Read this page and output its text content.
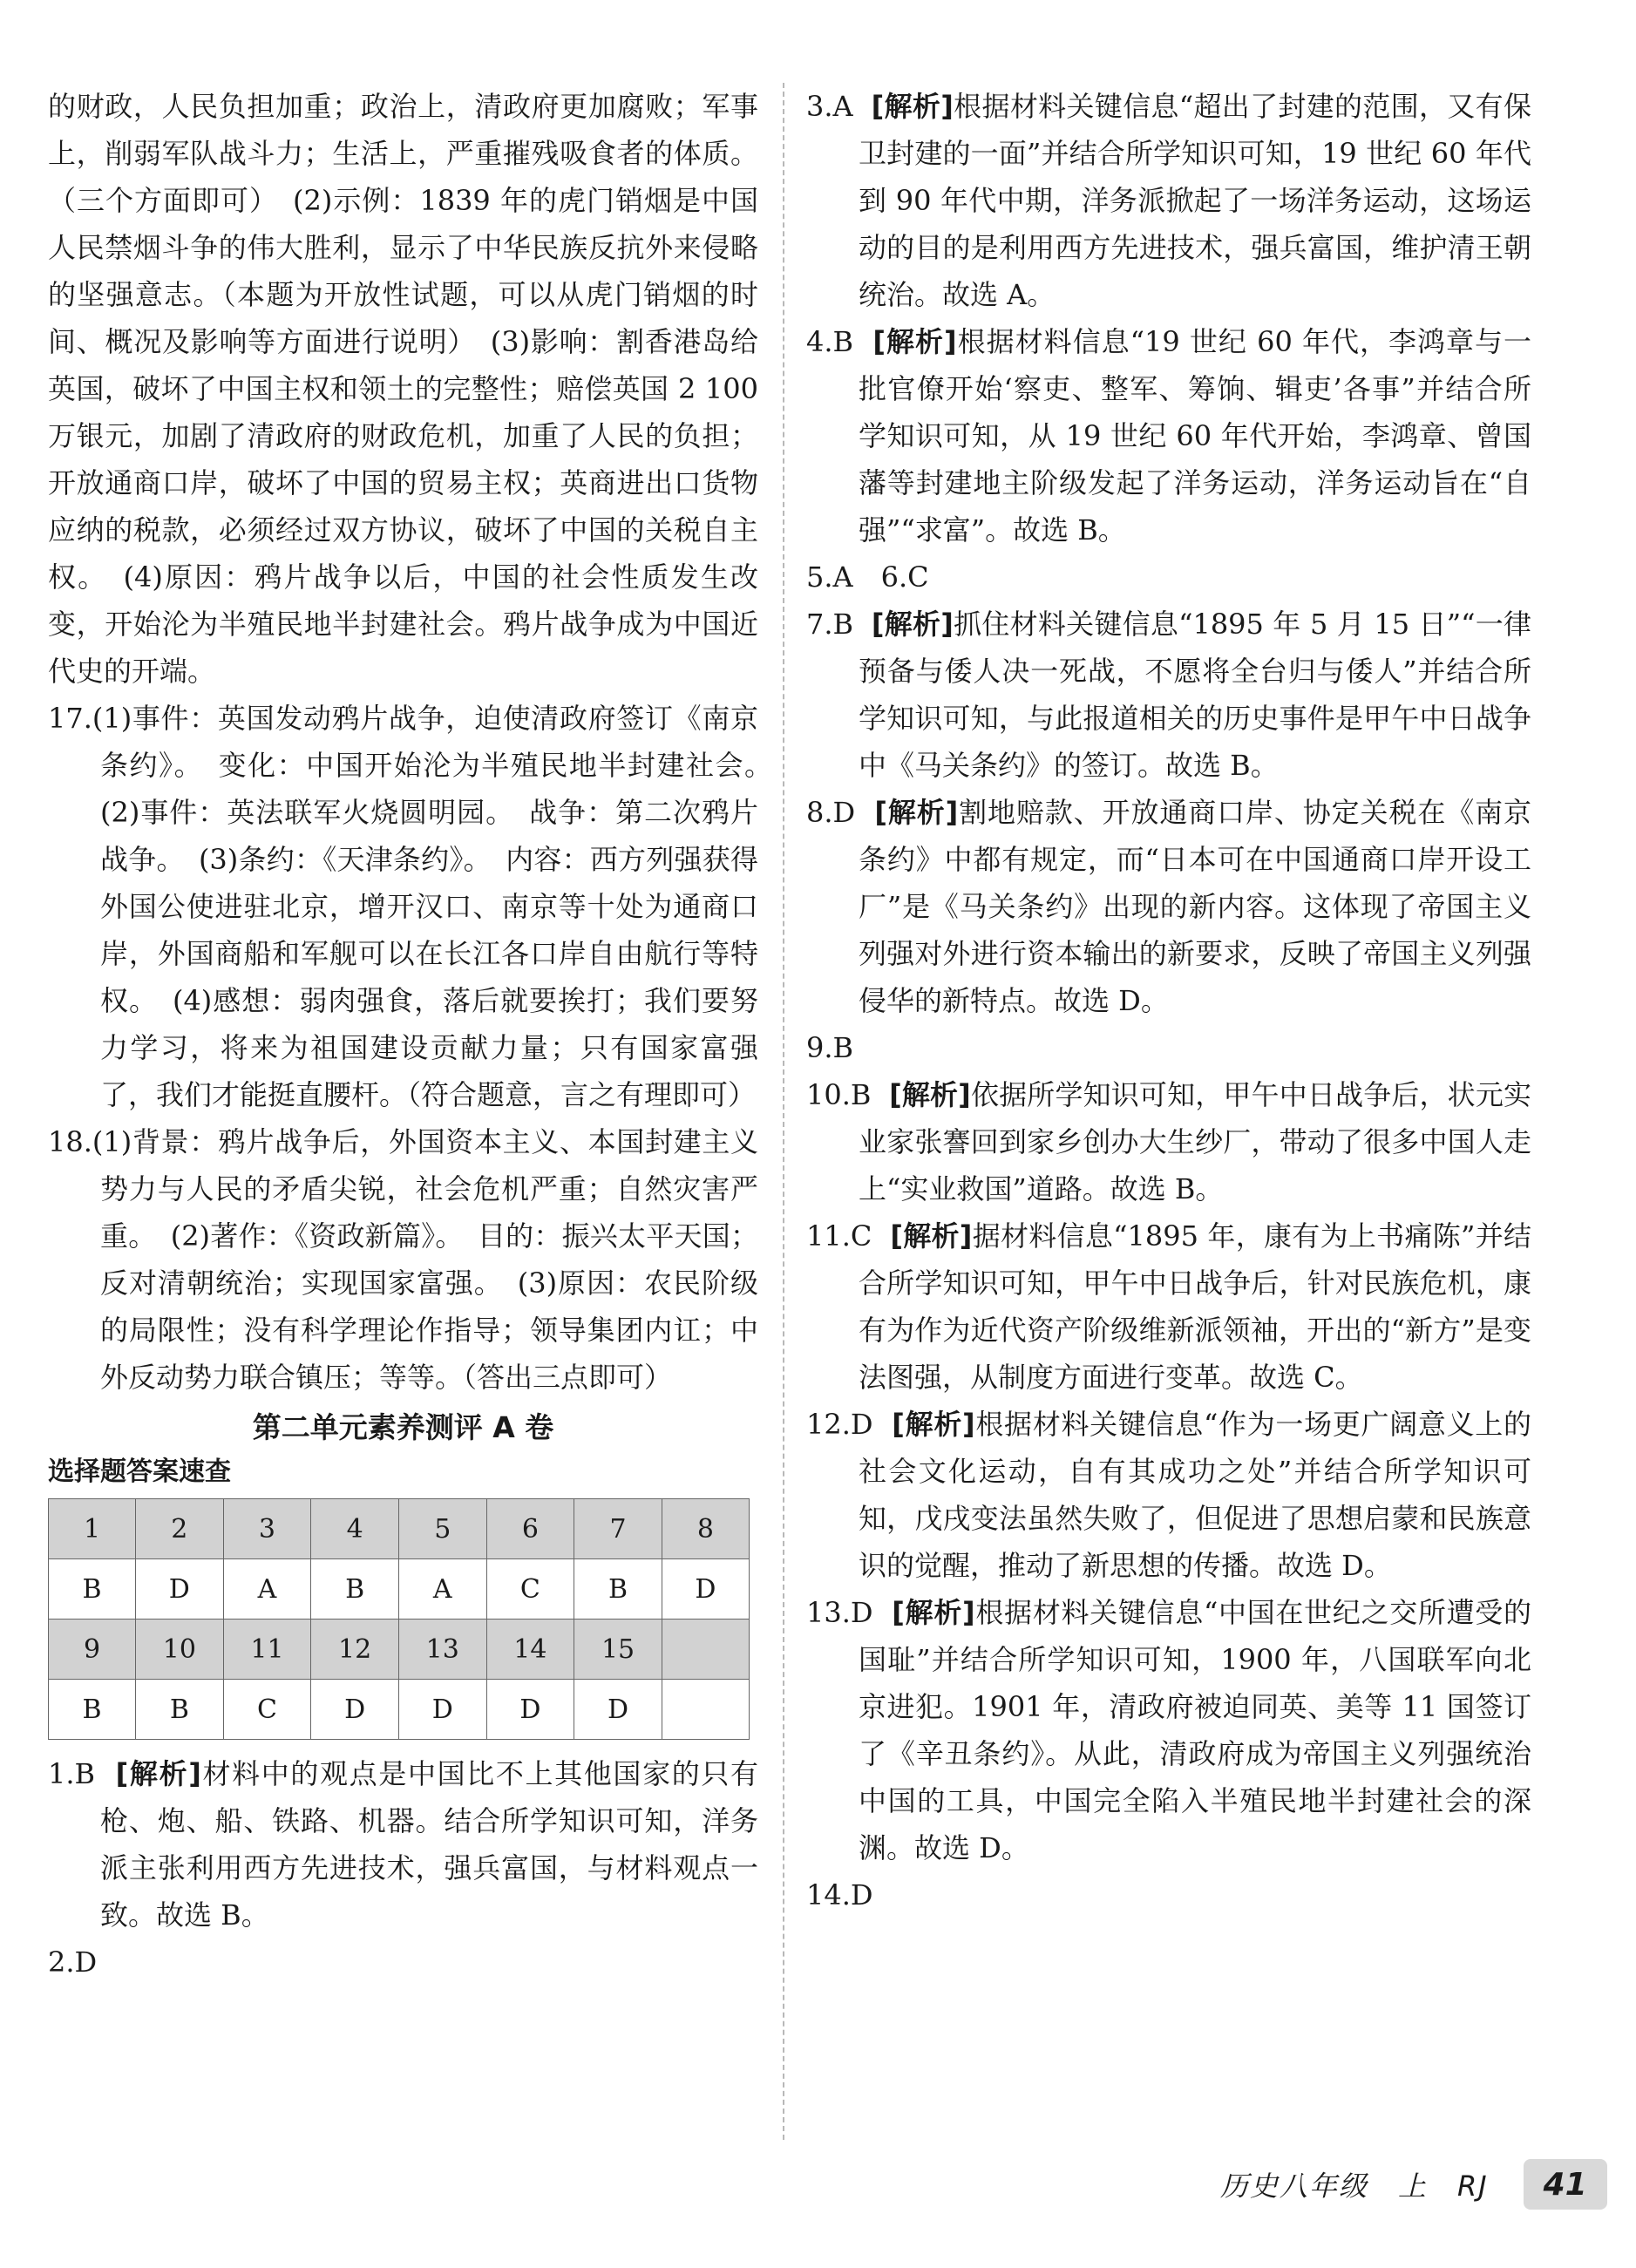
的财政，人民负担加重；政治上，清政府更加腐败；军事上，削弱军队战斗力；生活上，严重摧残吸食者的体质。（三个方面即可）　(2)示例：1839 年的虎门销烟是中国人民禁烟斗争的伟大胜利，显示了中华民族反抗外来侵略的坚强意志。（本题为开放性试题，可以从虎门销烟的时间、概况及影响等方面进行说明）　(3)影响：割香港岛给英国，破坏了中国主权和领土的完整性；赔偿英国 2 100 万银元，加剧了清政府的财政危机，加重了人民的负担；开放通商口岸，破坏了中国的贸易主权；英商进出口货物应纳的税款，必须经过双方协议，破坏了中国的关税自主权。　(4)原因：鸦片战争以后，中国的社会性质发生改变，开始沦为半殖民地半封建社会。鸦片战争成为中国近代史的开端。

17.(1)事件：英国发动鸦片战争，迫使清政府签订《南京条约》。　变化：中国开始沦为半殖民地半封建社会。　(2)事件：英法联军火烧圆明园。　战争：第二次鸦片战争。　(3)条约：《天津条约》。　内容：西方列强获得外国公使进驻北京，增开汉口、南京等十处为通商口岸，外国商船和军舰可以在长江各口岸自由航行等特权。　(4)感想：弱肉强食，落后就要挨打；我们要努力学习，将来为祖国建设贡献力量；只有国家富强了，我们才能挺直腰杆。（符合题意，言之有理即可）

18.(1)背景：鸦片战争后，外国资本主义、本国封建主义势力与人民的矛盾尖锐，社会危机严重；自然灾害严重。　(2)著作：《资政新篇》。　目的：振兴太平天国；反对清朝统治；实现国家富强。　(3)原因：农民阶级的局限性；没有科学理论作指导；领导集团内讧；中外反动势力联合镇压；等等。（答出三点即可）

第二单元素养测评 A 卷
选择题答案速查
1	2	3	4	5	6	7	8
B	D	A	B	A	C	B	D
9	10	11	12	13	14	15	
B	B	C	D	D	D	D	

1.B [解析]材料中的观点是中国比不上其他国家的只有枪、炮、船、铁路、机器。结合所学知识可知，洋务派主张利用西方先进技术，强兵富国，与材料观点一致。故选 B。

2.D

3.A [解析]根据材料关键信息“超出了封建的范围，又有保卫封建的一面”并结合所学知识可知，19 世纪 60 年代到 90 年代中期，洋务派掀起了一场洋务运动，这场运动的目的是利用西方先进技术，强兵富国，维护清王朝统治。故选 A。

4.B [解析]根据材料信息“19 世纪 60 年代，李鸿章与一批官僚开始‘察吏、整军、筹饷、辑吏’各事”并结合所学知识可知，从 19 世纪 60 年代开始，李鸿章、曾国藩等封建地主阶级发起了洋务运动，洋务运动旨在“自强”“求富”。故选 B。

5.A　6.C

7.B [解析]抓住材料关键信息“1895 年 5 月 15 日”“一律预备与倭人决一死战，不愿将全台归与倭人”并结合所学知识可知，与此报道相关的历史事件是甲午中日战争中《马关条约》的签订。故选 B。

8.D [解析]割地赔款、开放通商口岸、协定关税在《南京条约》中都有规定，而“日本可在中国通商口岸开设工厂”是《马关条约》出现的新内容。这体现了帝国主义列强对外进行资本输出的新要求，反映了帝国主义列强侵华的新特点。故选 D。

9.B

10.B [解析]依据所学知识可知，甲午中日战争后，状元实业家张謇回到家乡创办大生纱厂，带动了很多中国人走上“实业救国”道路。故选 B。

11.C [解析]据材料信息“1895 年，康有为上书痛陈”并结合所学知识可知，甲午中日战争后，针对民族危机，康有为作为近代资产阶级维新派领袖，开出的“新方”是变法图强，从制度方面进行变革。故选 C。

12.D [解析]根据材料关键信息“作为一场更广阔意义上的社会文化运动，自有其成功之处”并结合所学知识可知，戊戌变法虽然失败了，但促进了思想启蒙和民族意识的觉醒，推动了新思想的传播。故选 D。

13.D [解析]根据材料关键信息“中国在世纪之交所遭受的国耻”并结合所学知识可知，1900 年，八国联军向北京进犯。1901 年，清政府被迫同英、美等 11 国签订了《辛丑条约》。从此，清政府成为帝国主义列强统治中国的工具，中国完全陷入半殖民地半封建社会的深渊。故选 D。

14.D

历史八年级　上　RJ	41
